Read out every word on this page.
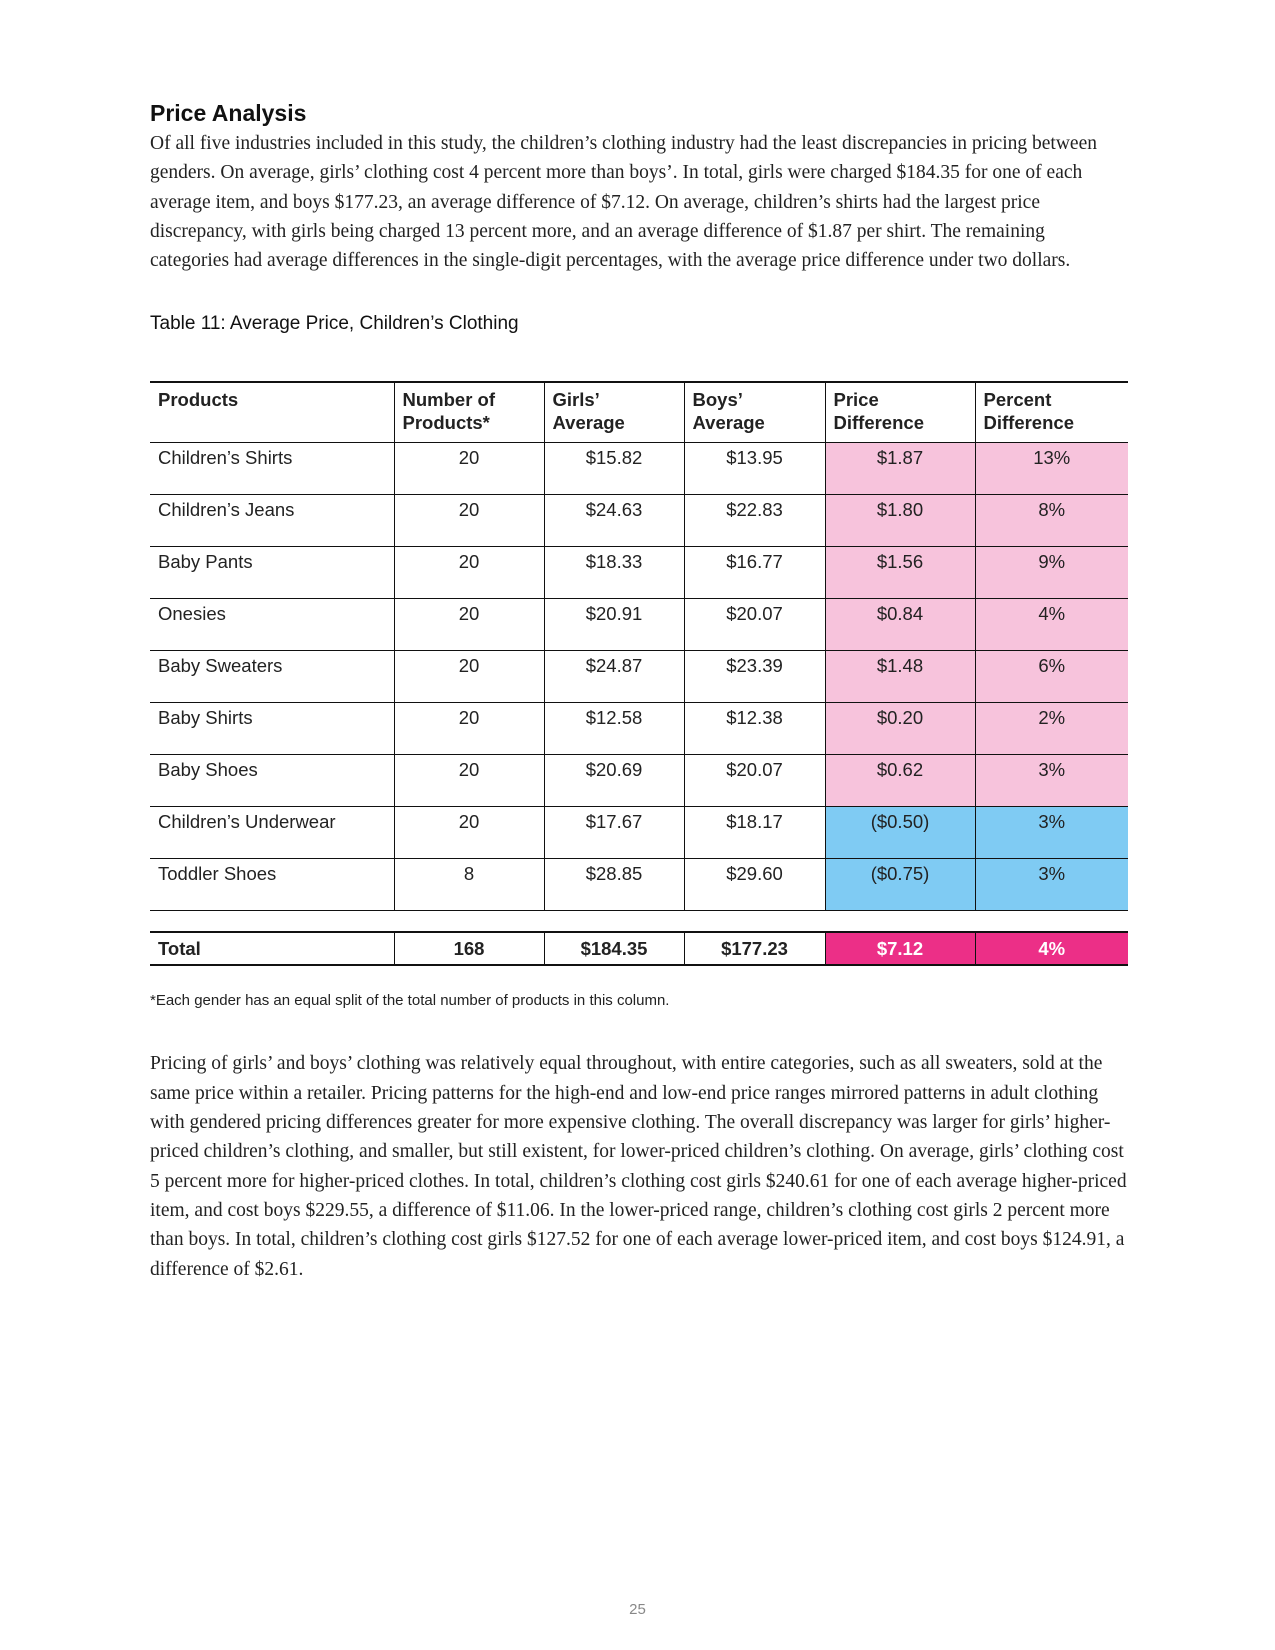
Price Analysis

Of all five industries included in this study, the children’s clothing industry had the least discrepancies in pricing between genders. On average, girls’ clothing cost 4 percent more than boys’. In total, girls were charged $184.35 for one of each average item, and boys $177.23, an average difference of $7.12. On average, children’s shirts had the largest price discrepancy, with girls being charged 13 percent more, and an average difference of $1.87 per shirt. The remaining categories had average differences in the single-digit percentages, with the average price difference under two dollars.

Table 11: Average Price, Children’s Clothing
Products	Number of Products*	Girls’ Average	Boys’ Average	Price Difference	Percent Difference
Children’s Shirts	20	$15.82	$13.95	$1.87	13%
Children’s Jeans	20	$24.63	$22.83	$1.80	8%
Baby Pants	20	$18.33	$16.77	$1.56	9%
Onesies	20	$20.91	$20.07	$0.84	4%
Baby Sweaters	20	$24.87	$23.39	$1.48	6%
Baby Shirts	20	$12.58	$12.38	$0.20	2%
Baby Shoes	20	$20.69	$20.07	$0.62	3%
Children’s Underwear	20	$17.67	$18.17	($0.50)	3%
Toddler Shoes	8	$28.85	$29.60	($0.75)	3%
Total	168	$184.35	$177.23	$7.12	4%
*Each gender has an equal split of the total number of products in this column.

Pricing of girls’ and boys’ clothing was relatively equal throughout, with entire categories, such as all sweaters, sold at the same price within a retailer. Pricing patterns for the high-end and low-end price ranges mirrored patterns in adult clothing with gendered pricing differences greater for more expensive clothing. The overall discrepancy was larger for girls’ higher-priced children’s clothing, and smaller, but still existent, for lower-priced children’s clothing. On average, girls’ clothing cost 5 percent more for higher-priced clothes. In total, children’s clothing cost girls $240.61 for one of each average higher-priced item, and cost boys $229.55, a difference of $11.06. In the lower-priced range, children’s clothing cost girls 2 percent more than boys. In total, children’s clothing cost girls $127.52 for one of each average lower-priced item, and cost boys $124.91, a difference of $2.61.

25
